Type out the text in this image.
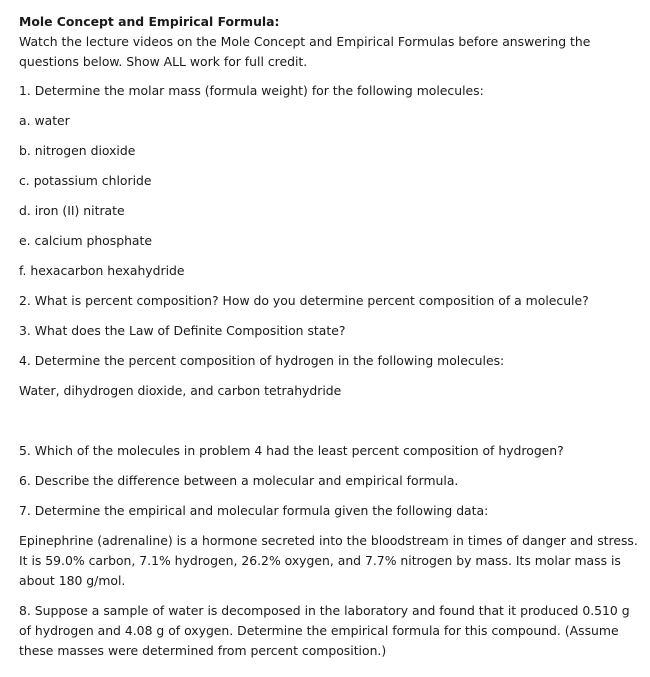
Mole Concept and Empirical Formula:

Watch the lecture videos on the Mole Concept and Empirical Formulas before answering the questions below. Show ALL work for full credit.

1. Determine the molar mass (formula weight) for the following molecules:

a. water

b. nitrogen dioxide

c. potassium chloride

d. iron (II) nitrate

e. calcium phosphate

f. hexacarbon hexahydride

2. What is percent composition? How do you determine percent composition of a molecule?

3. What does the Law of Definite Composition state?

4. Determine the percent composition of hydrogen in the following molecules:

Water, dihydrogen dioxide, and carbon tetrahydride

5. Which of the molecules in problem 4 had the least percent composition of hydrogen?

6. Describe the difference between a molecular and empirical formula.

7. Determine the empirical and molecular formula given the following data:

Epinephrine (adrenaline) is a hormone secreted into the bloodstream in times of danger and stress. It is 59.0% carbon, 7.1% hydrogen, 26.2% oxygen, and 7.7% nitrogen by mass. Its molar mass is about 180 g/mol.

8. Suppose a sample of water is decomposed in the laboratory and found that it produced 0.510 g of hydrogen and 4.08 g of oxygen. Determine the empirical formula for this compound. (Assume these masses were determined from percent composition.)
